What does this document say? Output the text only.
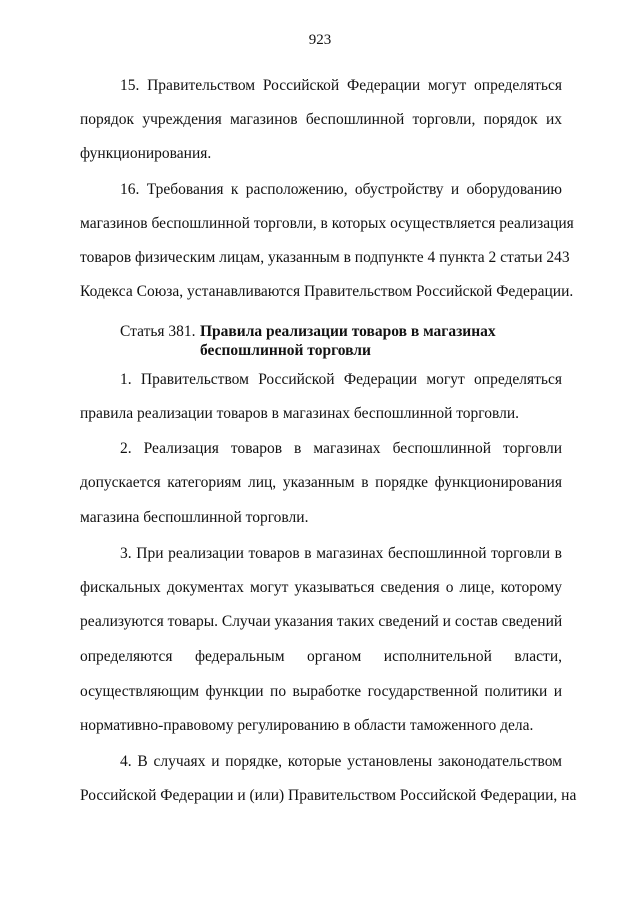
923
15. Правительством Российской Федерации могут определяться
порядок учреждения магазинов беспошлинной торговли, порядок их
функционирования.
16. Требования к расположению, обустройству и оборудованию
магазинов беспошлинной торговли, в которых осуществляется реализация
товаров физическим лицам, указанным в подпункте 4 пункта 2 статьи 243
Кодекса Союза, устанавливаются Правительством Российской Федерации.
Статья 381. Правила реализации товаров в магазинах
беспошлинной торговли
1. Правительством Российской Федерации могут определяться
правила реализации товаров в магазинах беспошлинной торговли.
2. Реализация товаров в магазинах беспошлинной торговли
допускается категориям лиц, указанным в порядке функционирования
магазина беспошлинной торговли.
3. При реализации товаров в магазинах беспошлинной торговли в
фискальных документах могут указываться сведения о лице, которому
реализуются товары. Случаи указания таких сведений и состав сведений
определяются федеральным органом исполнительной власти,
осуществляющим функции по выработке государственной политики и
нормативно-правовому регулированию в области таможенного дела.
4. В случаях и порядке, которые установлены законодательством
Российской Федерации и (или) Правительством Российской Федерации, на
